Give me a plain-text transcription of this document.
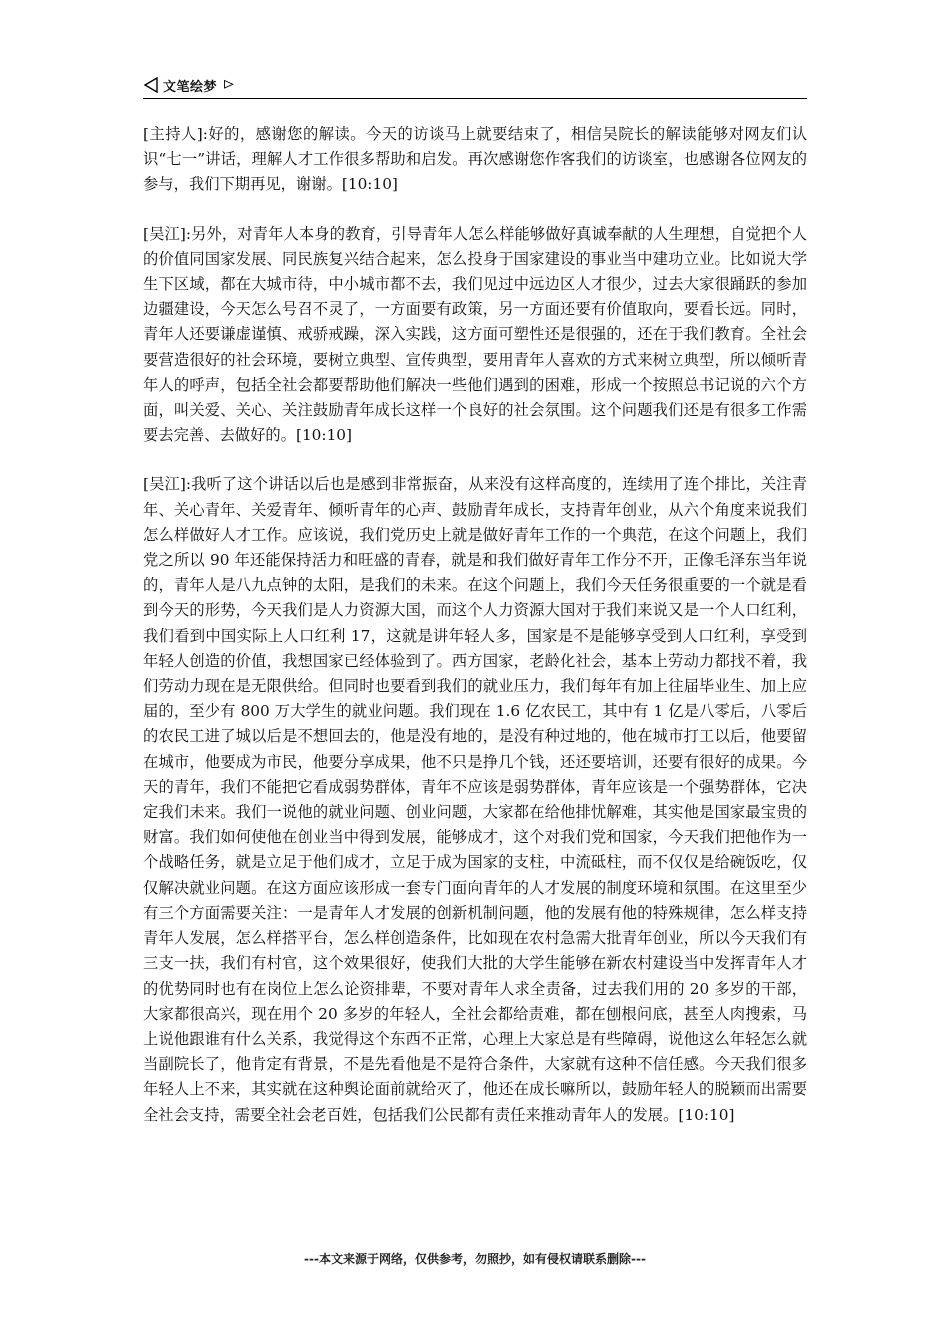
文笔绘梦

[主持人]:好的，感谢您的解读。今天的访谈马上就要结束了，相信吴院长的解读能够对网友们认识“七一”讲话，理解人才工作很多帮助和启发。再次感谢您作客我们的访谈室，也感谢各位网友的参与，我们下期再见，谢谢。[10:10]

[吴江]:另外，对青年人本身的教育，引导青年人怎么样能够做好真诚奉献的人生理想，自觉把个人的价值同国家发展、同民族复兴结合起来，怎么投身于国家建设的事业当中建功立业。比如说大学生下区域，都在大城市待，中小城市都不去，我们见过中远边区人才很少，过去大家很踊跃的参加边疆建设，今天怎么号召不灵了，一方面要有政策，另一方面还要有价值取向，要看长远。同时，青年人还要谦虚谨慎、戒骄戒躁，深入实践，这方面可塑性还是很强的，还在于我们教育。全社会要营造很好的社会环境，要树立典型、宣传典型，要用青年人喜欢的方式来树立典型，所以倾听青年人的呼声，包括全社会都要帮助他们解决一些他们遇到的困难，形成一个按照总书记说的六个方面，叫关爱、关心、关注鼓励青年成长这样一个良好的社会氛围。这个问题我们还是有很多工作需要去完善、去做好的。[10:10]

[吴江]:我听了这个讲话以后也是感到非常振奋，从来没有这样高度的，连续用了连个排比，关注青年、关心青年、关爱青年、倾听青年的心声、鼓励青年成长，支持青年创业，从六个角度来说我们怎么样做好人才工作。应该说，我们党历史上就是做好青年工作的一个典范，在这个问题上，我们党之所以 90 年还能保持活力和旺盛的青春，就是和我们做好青年工作分不开，正像毛泽东当年说的，青年人是八九点钟的太阳，是我们的未来。在这个问题上，我们今天任务很重要的一个就是看到今天的形势，今天我们是人力资源大国，而这个人力资源大国对于我们来说又是一个人口红利，我们看到中国实际上人口红利 17，这就是讲年轻人多，国家是不是能够享受到人口红利，享受到年轻人创造的价值，我想国家已经体验到了。西方国家，老龄化社会，基本上劳动力都找不着，我们劳动力现在是无限供给。但同时也要看到我们的就业压力，我们每年有加上往届毕业生、加上应届的，至少有 800 万大学生的就业问题。我们现在 1.6 亿农民工，其中有 1 亿是八零后，八零后的农民工进了城以后是不想回去的，他是没有地的，是没有种过地的，他在城市打工以后，他要留在城市，他要成为市民，他要分享成果，他不只是挣几个钱，还还要培训，还要有很好的成果。今天的青年，我们不能把它看成弱势群体，青年不应该是弱势群体，青年应该是一个强势群体，它决定我们未来。我们一说他的就业问题、创业问题，大家都在给他排忧解难，其实他是国家最宝贵的财富。我们如何使他在创业当中得到发展，能够成才，这个对我们党和国家，今天我们把他作为一个战略任务，就是立足于他们成才，立足于成为国家的支柱，中流砥柱，而不仅仅是给碗饭吃，仅仅解决就业问题。在这方面应该形成一套专门面向青年的人才发展的制度环境和氛围。在这里至少有三个方面需要关注：一是青年人才发展的创新机制问题，他的发展有他的特殊规律，怎么样支持青年人发展，怎么样搭平台，怎么样创造条件，比如现在农村急需大批青年创业，所以今天我们有三支一扶，我们有村官，这个效果很好，使我们大批的大学生能够在新农村建设当中发挥青年人才的优势同时也有在岗位上怎么论资排辈，不要对青年人求全责备，过去我们用的 20 多岁的干部，大家都很高兴，现在用个 20 多岁的年轻人，全社会都给责难，都在刨根问底，甚至人肉搜索，马上说他跟谁有什么关系，我觉得这个东西不正常，心理上大家总是有些障碍，说他这么年轻怎么就当副院长了，他肯定有背景，不是先看他是不是符合条件，大家就有这种不信任感。今天我们很多年轻人上不来，其实就在这种舆论面前就给灭了，他还在成长嘛所以，鼓励年轻人的脱颖而出需要全社会支持，需要全社会老百姓，包括我们公民都有责任来推动青年人的发展。[10:10]

---本文来源于网络，仅供参考，勿照抄，如有侵权请联系删除---
